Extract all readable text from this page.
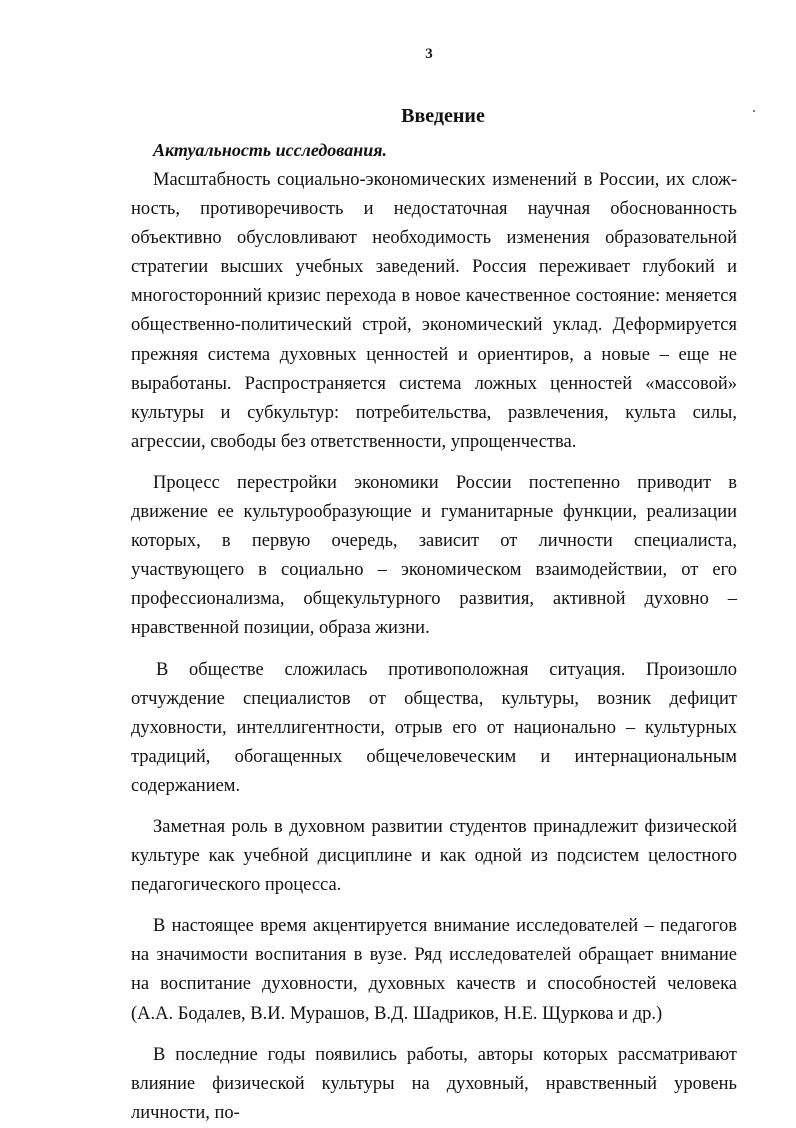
3
Введение
Актуальность исследования.

Масштабность социально-экономических изменений в России, их сложность, противоречивость и недостаточная научная обоснованность объективно обусловливают необходимость изменения образовательной стратегии высших учебных заведений. Россия переживает глубокий и многосторонний кризис перехода в новое качественное состояние: меняется общественно-политический строй, экономический уклад. Деформируется прежняя система духовных ценностей и ориентиров, а новые – еще не выработаны. Распространяется система ложных ценностей «массовой» культуры и субкультур: потребительства, развлечения, культа силы, агрессии, свободы без ответственности, упрощенчества.

Процесс перестройки экономики России постепенно приводит в движение ее культурообразующие и гуманитарные функции, реализации которых, в первую очередь, зависит от личности специалиста, участвующего в социально – экономическом взаимодействии, от его профессионализма, общекультурного развития, активной духовно – нравственной позиции, образа жизни.

В обществе сложилась противоположная ситуация. Произошло отчуждение специалистов от общества, культуры, возник дефицит духовности, интеллигентности, отрыв его от национально – культурных традиций, обогащенных общечеловеческим и интернациональным содержанием.

Заметная роль в духовном развитии студентов принадлежит физической культуре как учебной дисциплине и как одной из подсистем целостного педагогического процесса.

В настоящее время акцентируется внимание исследователей – педагогов на значимости воспитания в вузе. Ряд исследователей обращает внимание на воспитание духовности, духовных качеств и способностей человека (А.А. Бодалев, В.И. Мурашов, В.Д. Шадриков, Н.Е. Щуркова и др.)

В последние годы появились работы, авторы которых рассматривают влияние физической культуры на духовный, нравственный уровень личности, по-
